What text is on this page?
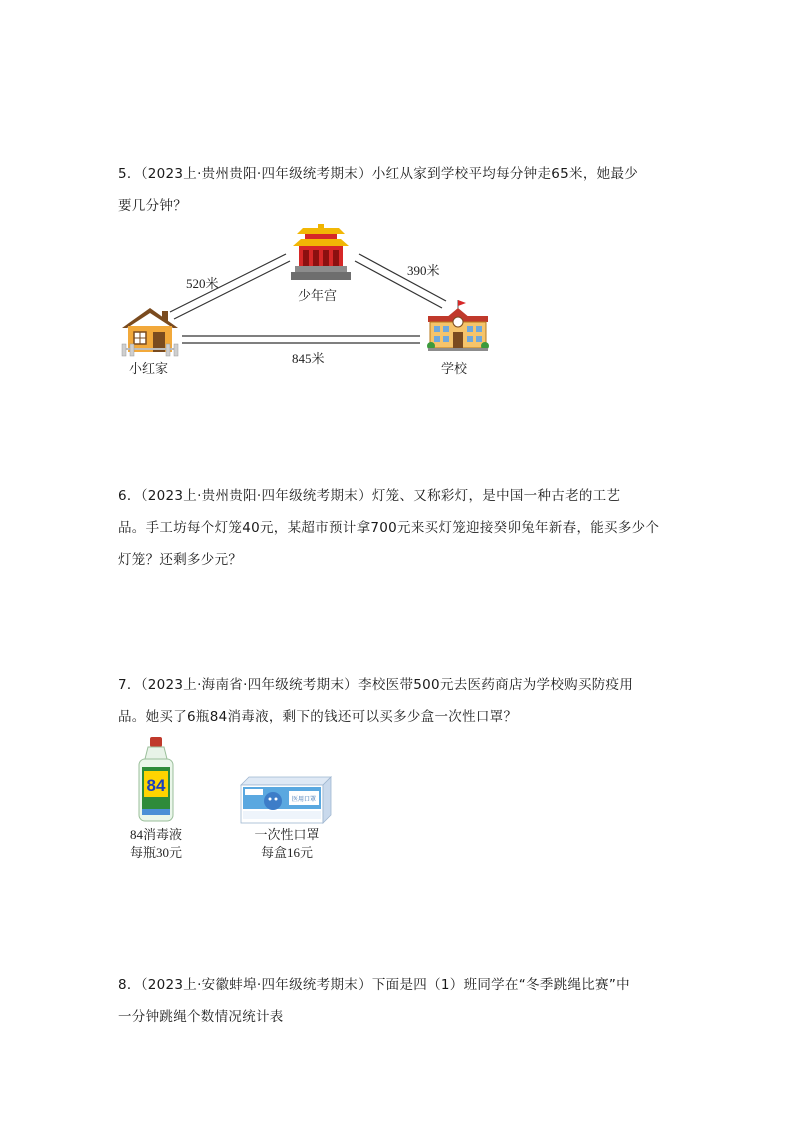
5．（2023上·贵州贵阳·四年级统考期末）小红从家到学校平均每分钟走65米，她最少

要几分钟？

少年宫
小红家	学校
520米
390米
845米

6．（2023上·贵州贵阳·四年级统考期末）灯笼、又称彩灯，是中国一种古老的工艺

品。手工坊每个灯笼40元，某超市预计拿700元来买灯笼迎接癸卯兔年新春，能买多少个

灯笼？还剩多少元？

7．（2023上·海南省·四年级统考期末）李校医带500元去医药商店为学校购买防疫用

品。她买了6瓶84消毒液，剩下的钱还可以买多少盒一次性口罩？

84
84消毒液
每瓶30元
医用口罩
一次性口罩
每盒16元

8．（2023上·安徽蚌埠·四年级统考期末）下面是四（1）班同学在“冬季跳绳比赛”中

一分钟跳绳个数情况统计表
